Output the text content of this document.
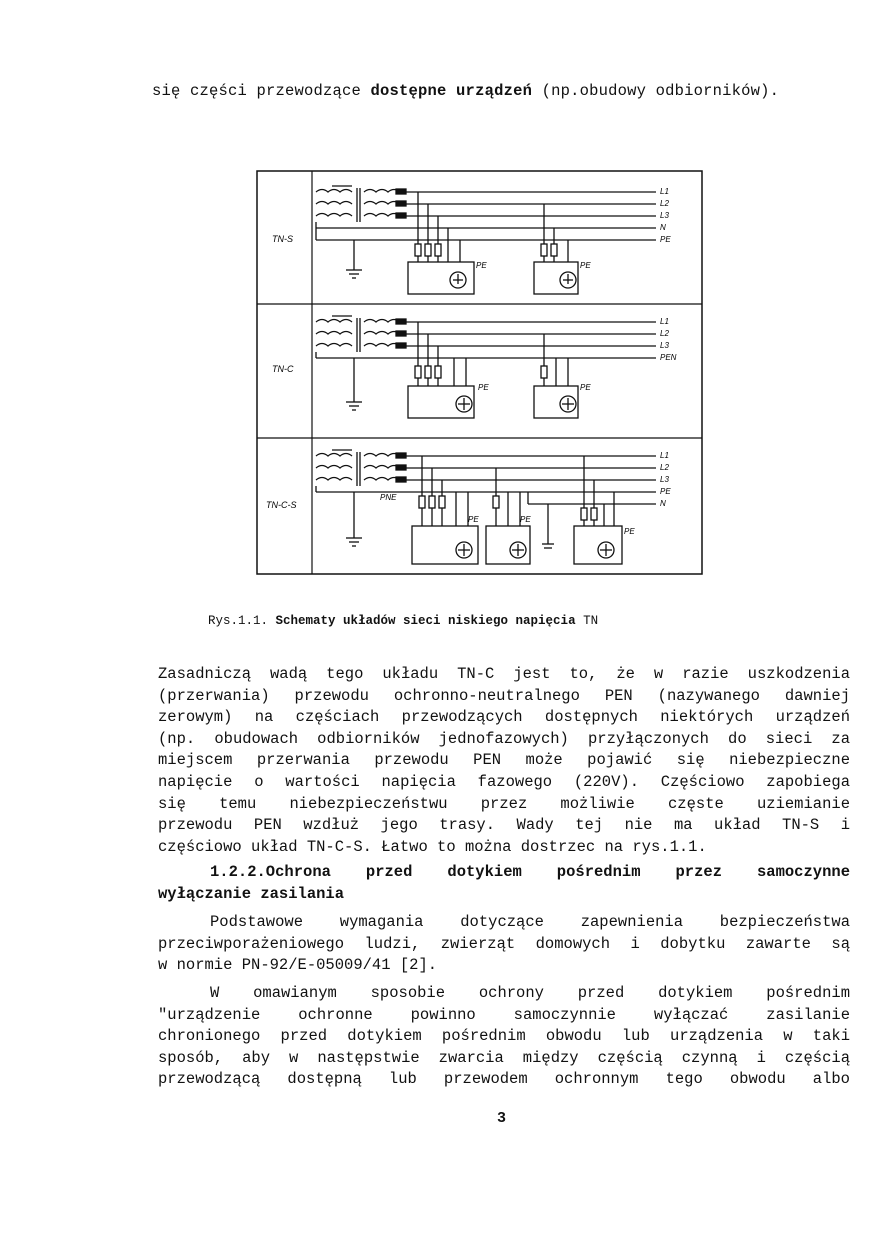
się części przewodzące dostępne urządzeń (np.obudowy odbiorników).
TN-S
L1
L2
L3
N
PE
PE	PE
TN-C
L1
L2
L3
PEN
PE	PE
TN-C-S
L1
L2
L3
PE
N
PNE
PE	PE
PE
Rys.1.1. Schematy układów sieci niskiego napięcia TN
Zasadniczą wadą tego układu TN-C jest to, że w razie uszkodzenia
(przerwania) przewodu ochronno-neutralnego PEN (nazywanego dawniej
zerowym) na częściach przewodzących dostępnych niektórych urządzeń
(np. obudowach odbiorników jednofazowych) przyłączonych do sieci za
miejscem przerwania przewodu PEN może pojawić się niebezpieczne
napięcie o wartości napięcia fazowego (220V). Częściowo zapobiega
się temu niebezpieczeństwu przez możliwie częste uziemianie
przewodu PEN wzdłuż jego trasy. Wady tej nie ma układ TN-S i
częściowo układ TN-C-S. Łatwo to można dostrzec na rys.1.1.
1.2.2.Ochrona przed dotykiem pośrednim przez samoczynne
wyłączanie zasilania
Podstawowe wymagania dotyczące zapewnienia bezpieczeństwa
przeciwporażeniowego ludzi, zwierząt domowych i dobytku zawarte są
w normie PN-92/E-05009/41 [2].
W omawianym sposobie ochrony przed dotykiem pośrednim
"urządzenie ochronne powinno samoczynnie wyłączać zasilanie
chronionego przed dotykiem pośrednim obwodu lub urządzenia w taki
sposób, aby w następstwie zwarcia między częścią czynną i częścią
przewodzącą dostępną lub przewodem ochronnym tego obwodu albo
3
